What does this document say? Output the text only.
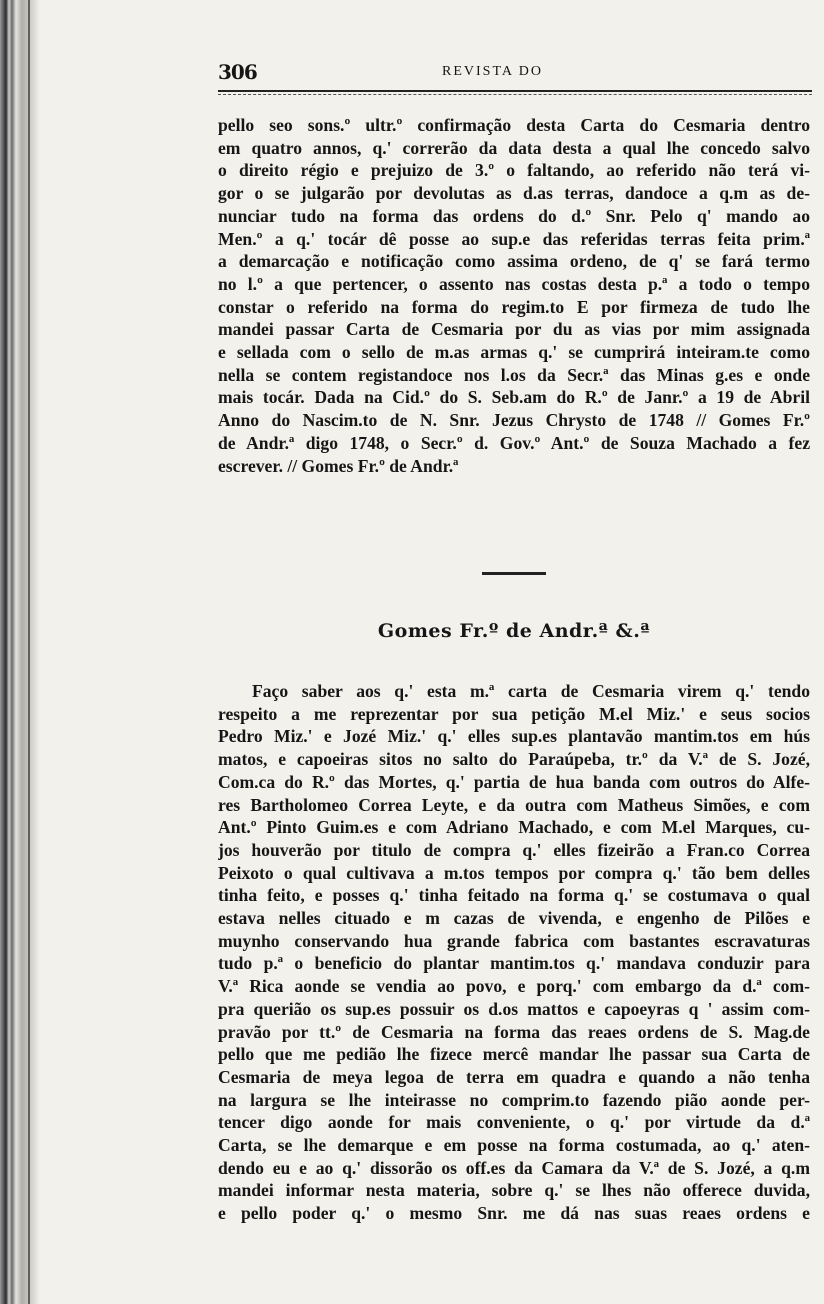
306	REVISTA DO
pello seo sons.º ultr.º confirmação desta Carta do Cesmaria dentro
em quatro annos, q.' correrão da data desta a qual lhe concedo salvo
o direito régio e prejuizo de 3.º o faltando, ao referido não terá vi-
gor o se julgarão por devolutas as d.as terras, dandoce a q.m as de-
nunciar tudo na forma das ordens do d.º Snr. Pelo q' mando ao
Men.º a q.' tocár dê posse ao sup.e das referidas terras feita prim.ª
a demarcação e notificação como assima ordeno, de q' se fará termo
no l.º a que pertencer, o assento nas costas desta p.ª a todo o tempo
constar o referido na forma do regim.to E por firmeza de tudo lhe
mandei passar Carta de Cesmaria por du as vias por mim assignada
e sellada com o sello de m.as armas q.' se cumprirá inteiram.te como
nella se contem registandoce nos l.os da Secr.ª das Minas g.es e onde
mais tocár. Dada na Cid.º do S. Seb.am do R.º de Janr.º a 19 de Abril
Anno do Nascim.to de N. Snr. Jezus Chrysto de 1748 // Gomes Fr.º
de Andr.ª digo 1748, o Secr.º d. Gov.º Ant.º de Souza Machado a fez
escrever. // Gomes Fr.º de Andr.ª
Gomes Fr.º de Andr.ª &.ª
Faço saber aos q.' esta m.ª carta de Cesmaria virem q.' tendo
respeito a me reprezentar por sua petição M.el Miz.' e seus socios
Pedro Miz.' e Jozé Miz.' q.' elles sup.es plantavão mantim.tos em hús
matos, e capoeiras sitos no salto do Paraúpeba, tr.º da V.ª de S. Jozé,
Com.ca do R.º das Mortes, q.' partia de hua banda com outros do Alfe-
res Bartholomeo Correa Leyte, e da outra com Matheus Simões, e com
Ant.º Pinto Guim.es e com Adriano Machado, e com M.el Marques, cu-
jos houverão por titulo de compra q.' elles fizeirão a Fran.co Correa
Peixoto o qual cultivava a m.tos tempos por compra q.' tão bem delles
tinha feito, e posses q.' tinha feitado na forma q.' se costumava o qual
estava nelles cituado e m cazas de vivenda, e engenho de Pilões e
muynho conservando hua grande fabrica com bastantes escravaturas
tudo p.ª o beneficio do plantar mantim.tos q.' mandava conduzir para
V.ª Rica aonde se vendia ao povo, e porq.' com embargo da d.ª com-
pra querião os sup.es possuir os d.os mattos e capoeyras q ' assim com-
pravão por tt.º de Cesmaria na forma das reaes ordens de S. Mag.de
pello que me pedião lhe fizece mercê mandar lhe passar sua Carta de
Cesmaria de meya legoa de terra em quadra e quando a não tenha
na largura se lhe inteirasse no comprim.to fazendo pião aonde per-
tencer digo aonde for mais conveniente, o q.' por virtude da d.ª
Carta, se lhe demarque e em posse na forma costumada, ao q.' aten-
dendo eu e ao q.' dissorão os off.es da Camara da V.ª de S. Jozé, a q.m
mandei informar nesta materia, sobre q.' se lhes não offerece duvida,
e pello poder q.' o mesmo Snr. me dá nas suas reaes ordens e
